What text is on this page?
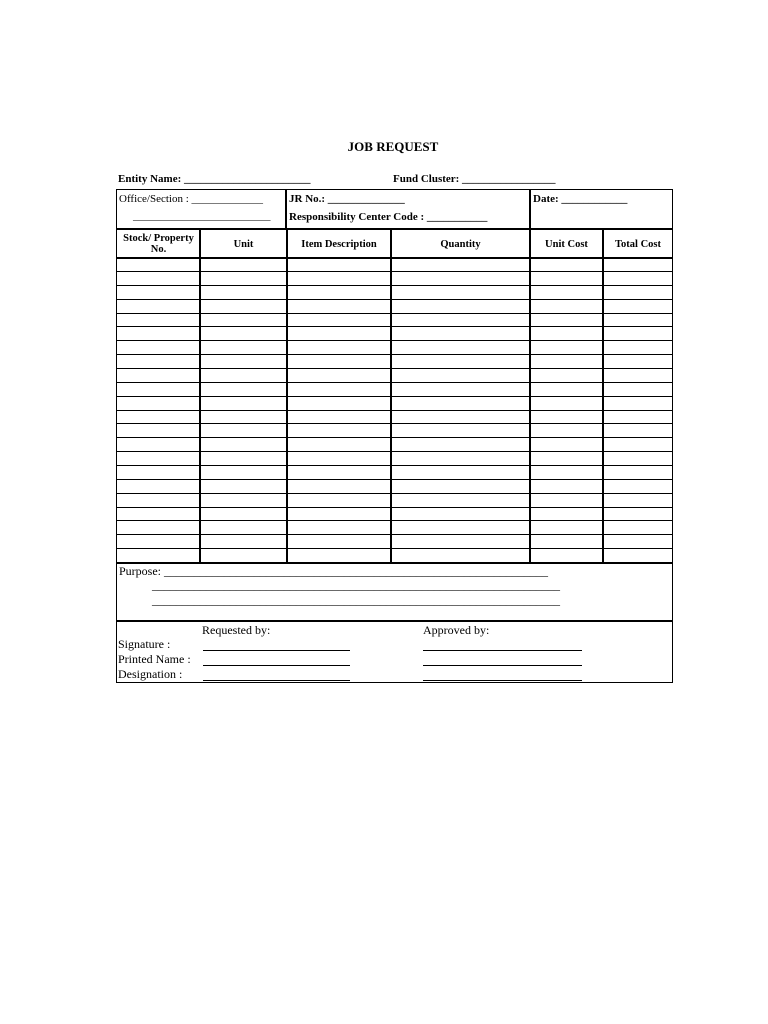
JOB REQUEST
Entity Name: _______________________	Fund Cluster: _________________
Office/Section : _____________
_________________________
JR No.: ______________
Responsibility Center Code : ___________
Date: ____________
Stock/ Property No.	Unit	Item Description	Quantity	Unit Cost	Total Cost
Purpose: ________________________________________________________________
____________________________________________________________________
____________________________________________________________________
Requested by:	Approved by:
Signature :
Printed Name :
Designation :
